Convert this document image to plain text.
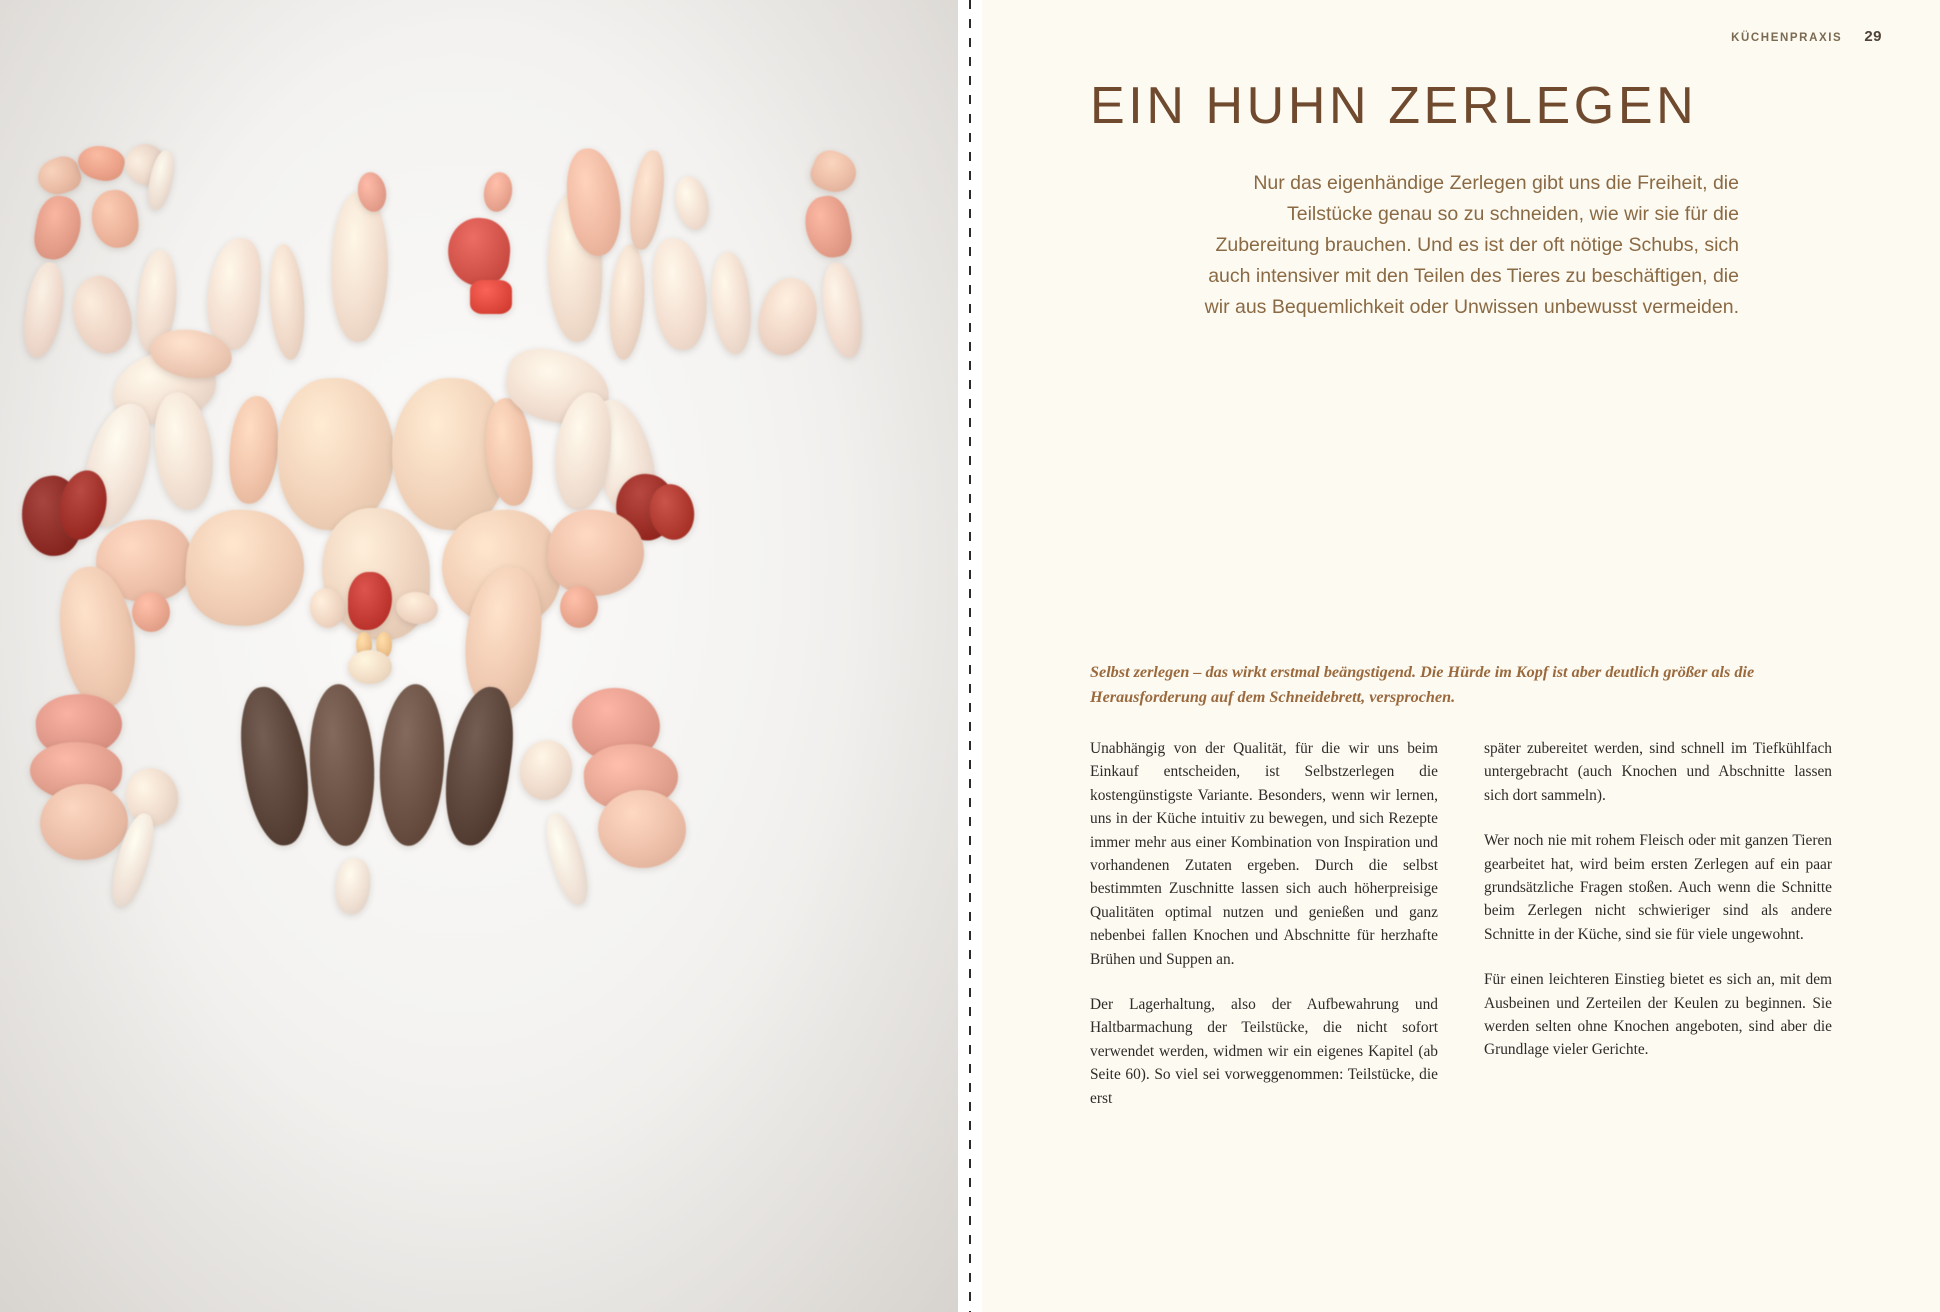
KÜCHENPRAXIS 29
EIN HUHN ZERLEGEN
Nur das eigenhändige Zerlegen gibt uns die Freiheit, die Teilstücke genau so zu schneiden, wie wir sie für die Zubereitung brauchen. Und es ist der oft nötige Schubs, sich auch intensiver mit den Teilen des Tieres zu beschäftigen, die wir aus Bequemlichkeit oder Unwissen unbewusst vermeiden.
Selbst zerlegen – das wirkt erstmal beängstigend. Die Hürde im Kopf ist aber deutlich größer als die Herausforderung auf dem Schneidebrett, versprochen.

Unabhängig von der Qualität, für die wir uns beim Einkauf entscheiden, ist Selbstzerlegen die kostengünstigste Variante. Besonders, wenn wir lernen, uns in der Küche intuitiv zu bewegen, und sich Rezepte immer mehr aus einer Kombination von Inspiration und vorhandenen Zutaten ergeben. Durch die selbst bestimmten Zuschnitte lassen sich auch höherpreisige Qualitäten optimal nutzen und genießen und ganz nebenbei fallen Knochen und Abschnitte für herzhafte Brühen und Suppen an.

Der Lagerhaltung, also der Aufbewahrung und Haltbarmachung der Teilstücke, die nicht sofort verwendet werden, widmen wir ein eigenes Kapitel (ab Seite 60). So viel sei vorweggenommen: Teilstücke, die erst

später zubereitet werden, sind schnell im Tiefkühlfach untergebracht (auch Knochen und Abschnitte lassen sich dort sammeln).

Wer noch nie mit rohem Fleisch oder mit ganzen Tieren gearbeitet hat, wird beim ersten Zerlegen auf ein paar grundsätzliche Fragen stoßen. Auch wenn die Schnitte beim Zerlegen nicht schwieriger sind als andere Schnitte in der Küche, sind sie für viele ungewohnt.

Für einen leichteren Einstieg bietet es sich an, mit dem Ausbeinen und Zerteilen der Keulen zu beginnen. Sie werden selten ohne Knochen angeboten, sind aber die Grundlage vieler Gerichte.
